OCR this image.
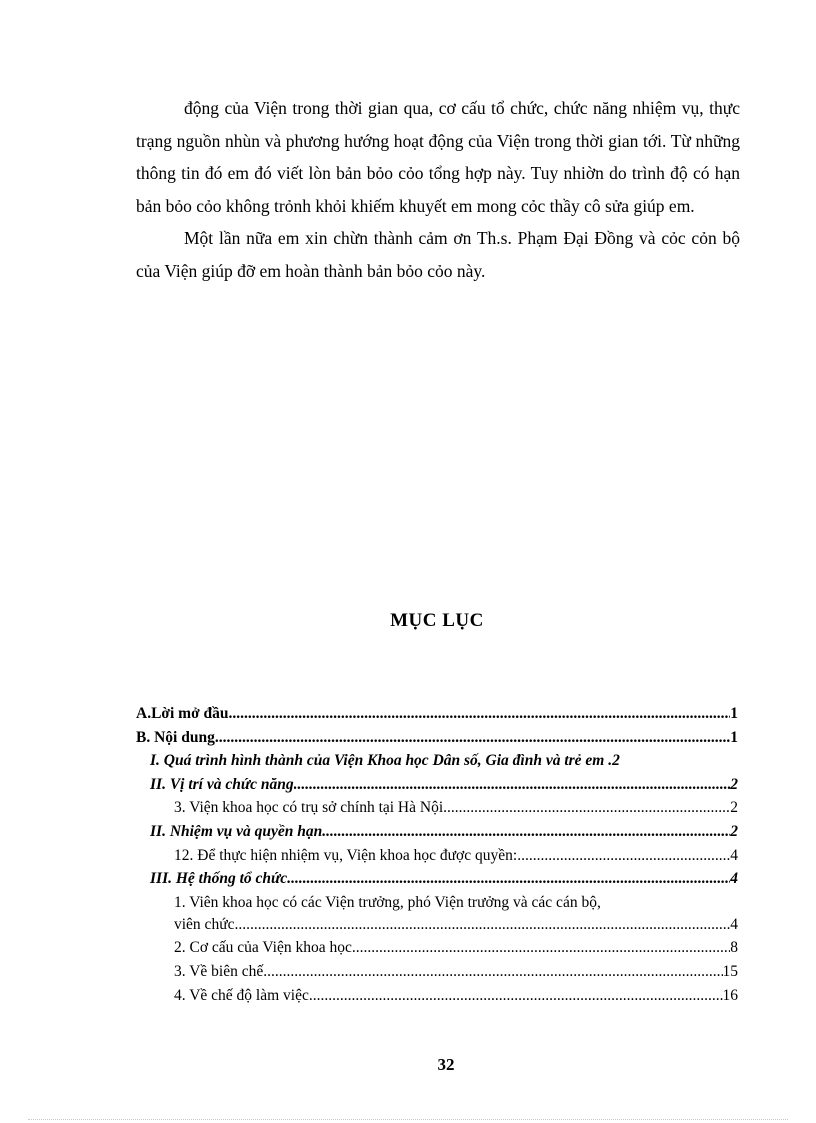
động của Viện trong thời gian qua, cơ cấu tổ chức, chức năng nhiệm vụ, thực trạng nguồn nhùn và phương hướng hoạt động của Viện trong thời gian tới. Từ những thông tin đó em đó viết lòn bản bỏo cỏo tổng hợp này. Tuy nhiờn do trình độ có hạn bản bỏo cỏo không trỏnh khỏi khiếm khuyết em mong cỏc thầy cô sửa giúp em.

Một lần nữa em xin chừn thành cảm ơn Th.s. Phạm Đại Đồng và cỏc cỏn bộ của Viện giúp đỡ em hoàn thành bản bỏo cỏo này.

MỤC LỤC
A.Lời mở đầu .....	1
B. Nội dung .....	1
I. Quá trình hình thành của Viện Khoa học Dân số, Gia đình và trẻ em . 2
II. Vị trí và chức năng .....	2
3. Viện khoa học có trụ sở chính tại Hà Nội. .....	2
II. Nhiệm vụ và quyền hạn .....	2
12. Để thực hiện nhiệm vụ, Viện khoa học được quyền: .....	4
III. Hệ thống tổ chức .....	4
1. Viên khoa học có các Viện trưởng, phó Viện trưởng và các cán bộ,
viên chức. .....	4
2. Cơ cấu của Viện khoa học .....	8
3. Về biên chế .....	15
4. Về chế độ làm việc .....	16
32
